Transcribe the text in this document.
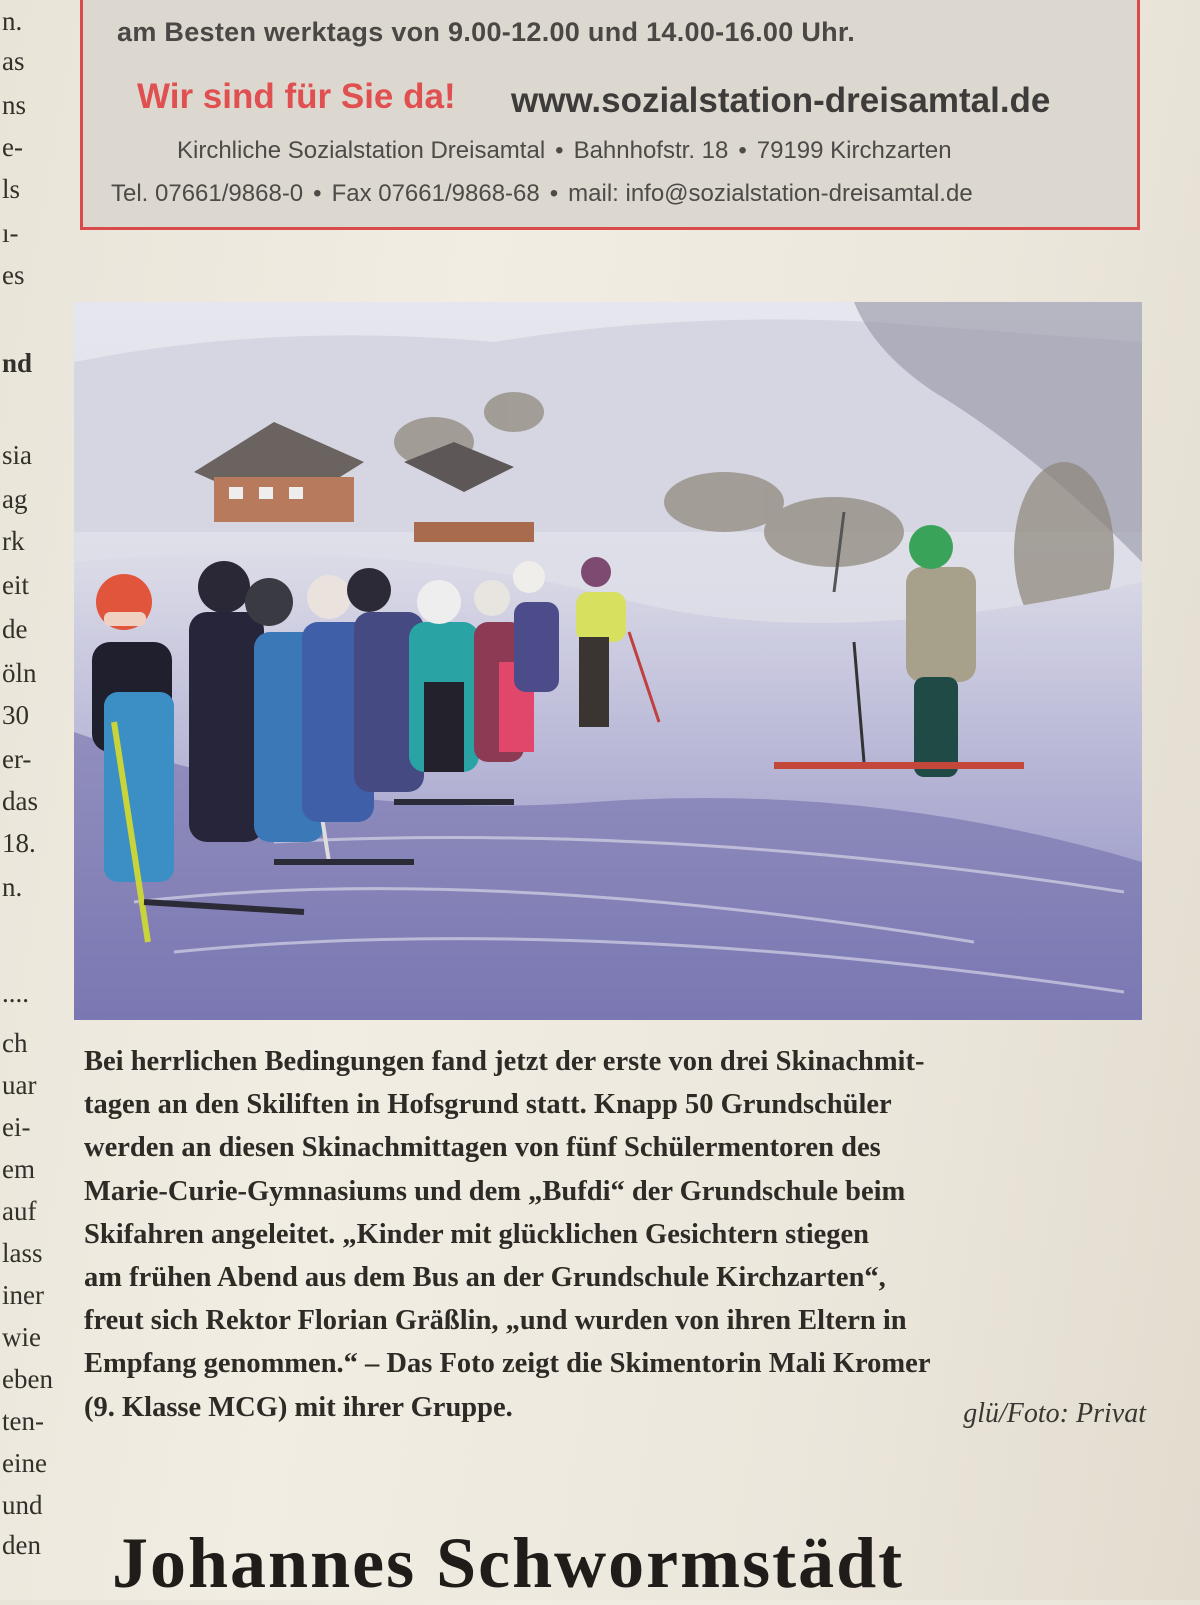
n.
as
ns
e-
ls
ı-
es
nd
sia
ag
rk
eit
de
öln
30
er-
das
18.
n.
....
ch
uar
ei-
em
auf
lass
iner
wie
eben
ten-
eine
und
den
am Besten werktags von 9.00-12.00 und 14.00-16.00 Uhr.
Wir sind für Sie da! www.sozialstation-dreisamtal.de
Kirchliche Sozialstation Dreisamtal • Bahnhofstr. 18 • 79199 Kirchzarten
Tel. 07661/9868-0 • Fax 07661/9868-68 • mail: info@sozialstation-dreisamtal.de
Bei herrlichen Bedingungen fand jetzt der erste von drei Skinachmit-
tagen an den Skiliften in Hofsgrund statt. Knapp 50 Grundschüler
werden an diesen Skinachmittagen von fünf Schülermentoren des
Marie-Curie-Gymnasiums und dem „Bufdi“ der Grundschule beim
Skifahren angeleitet. „Kinder mit glücklichen Gesichtern stiegen
am frühen Abend aus dem Bus an der Grundschule Kirchzarten“,
freut sich Rektor Florian Gräßlin, „und wurden von ihren Eltern in
Empfang genommen.“ – Das Foto zeigt die Skimentorin Mali Kromer
(9. Klasse MCG) mit ihrer Gruppe.	glü/Foto: Privat
Johannes Schwormstädt
